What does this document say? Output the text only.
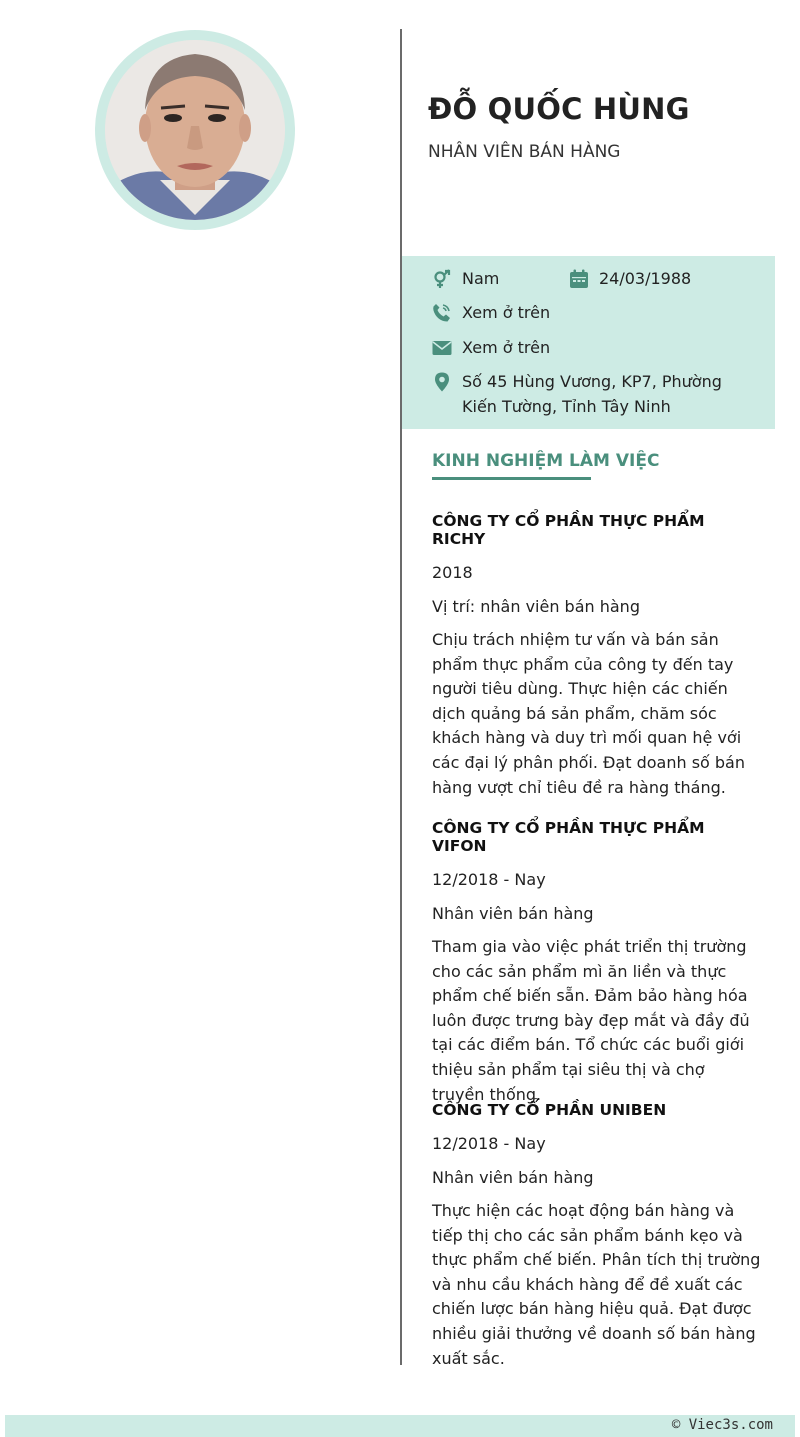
ĐỖ QUỐC HÙNG
NHÂN VIÊN BÁN HÀNG
Nam	24/03/1988
Xem ở trên
Xem ở trên
Số 45 Hùng Vương, KP7, Phường
Kiến Tường, Tỉnh Tây Ninh
KINH NGHIỆM LÀM VIỆC
CÔNG TY CỔ PHẦN THỰC PHẨM RICHY
2018
Vị trí: nhân viên bán hàng
Chịu trách nhiệm tư vấn và bán sản phẩm thực phẩm của công ty đến tay người tiêu dùng. Thực hiện các chiến dịch quảng bá sản phẩm, chăm sóc khách hàng và duy trì mối quan hệ với các đại lý phân phối. Đạt doanh số bán hàng vượt chỉ tiêu đề ra hàng tháng.
CÔNG TY CỔ PHẦN THỰC PHẨM VIFON
12/2018 - Nay
Nhân viên bán hàng
Tham gia vào việc phát triển thị trường cho các sản phẩm mì ăn liền và thực phẩm chế biến sẵn. Đảm bảo hàng hóa luôn được trưng bày đẹp mắt và đầy đủ tại các điểm bán. Tổ chức các buổi giới thiệu sản phẩm tại siêu thị và chợ truyền thống.
CÔNG TY CỔ PHẦN UNIBEN
12/2018 - Nay
Nhân viên bán hàng
Thực hiện các hoạt động bán hàng và tiếp thị cho các sản phẩm bánh kẹo và thực phẩm chế biến. Phân tích thị trường và nhu cầu khách hàng để đề xuất các chiến lược bán hàng hiệu quả. Đạt được nhiều giải thưởng về doanh số bán hàng xuất sắc.
© Viec3s.com
